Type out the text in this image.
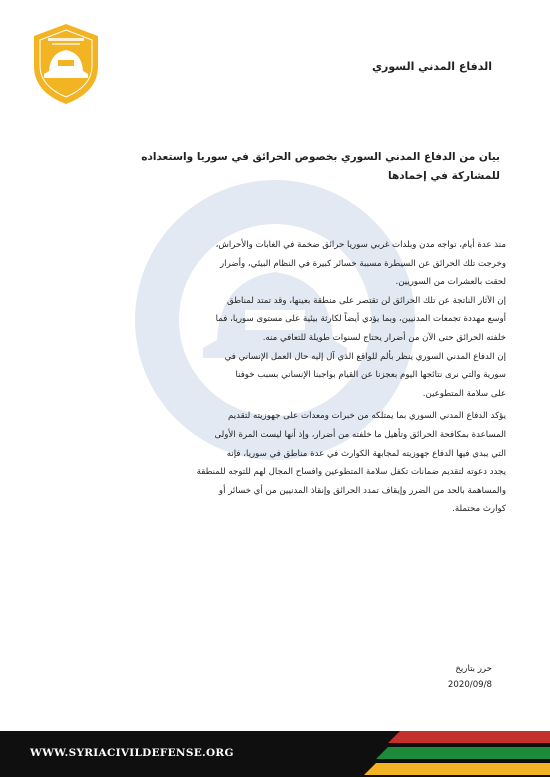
الدفاع المدني السوري
بيان من الدفاع المدني السوري بخصوص الحرائق في سوريا واستعداده
للمشاركة في إخمادها
منذ عدة أيام، تواجه مدن وبلدات غربي سوريا حرائق ضخمة في الغابات والأحراش،
وخرجت تلك الحرائق عن السيطرة مسببة خسائر كبيرة في النظام البيئي، وأضرار
لحقت بالعشرات من السوريين.
إن الآثار الناتجة عن تلك الحرائق لن تقتصر على منطقة بعينها، وقد تمتد لمناطق
أوسع مهددة تجمعات المدنيين، وبما يؤدي أيضاً لكارثة بيئية على مستوى سوريا، فما
خلفته الحرائق حتى الآن من أضرار يحتاج لسنوات طويلة للتعافي منه.
إن الدفاع المدني السوري ينظر بألم للواقع الذي آل إليه حال العمل الإنساني في
سورية والتي نرى نتائجها اليوم بعجزنا عن القيام بواجبنا الإنساني بسبب خوفنا
على سلامة المتطوعين.
يؤكد الدفاع المدني السوري بما يمتلكه من خبرات ومعدات على جهوزيته لتقديم
المساعدة بمكافحة الحرائق وتأهيل ما خلفته من أضرار، وإذ أنها ليست المرة الأولى
التي يبدي فيها الدفاع جهوزيته لمجابهة الكوارث في عدة مناطق في سوريا، فإنه
يجدد دعوته لتقديم ضمانات تكفل سلامة المتطوعين وافساح المجال لهم للتوجه للمنطقة
والمساهمة بالحد من الضرر وإيقاف تمدد الحرائق وإنقاذ المدنيين من أي خسائر أو
كوارث محتملة.
حرر بتاريخ
2020/09/8
WWW.SYRIACIVILDEFENSE.ORG
